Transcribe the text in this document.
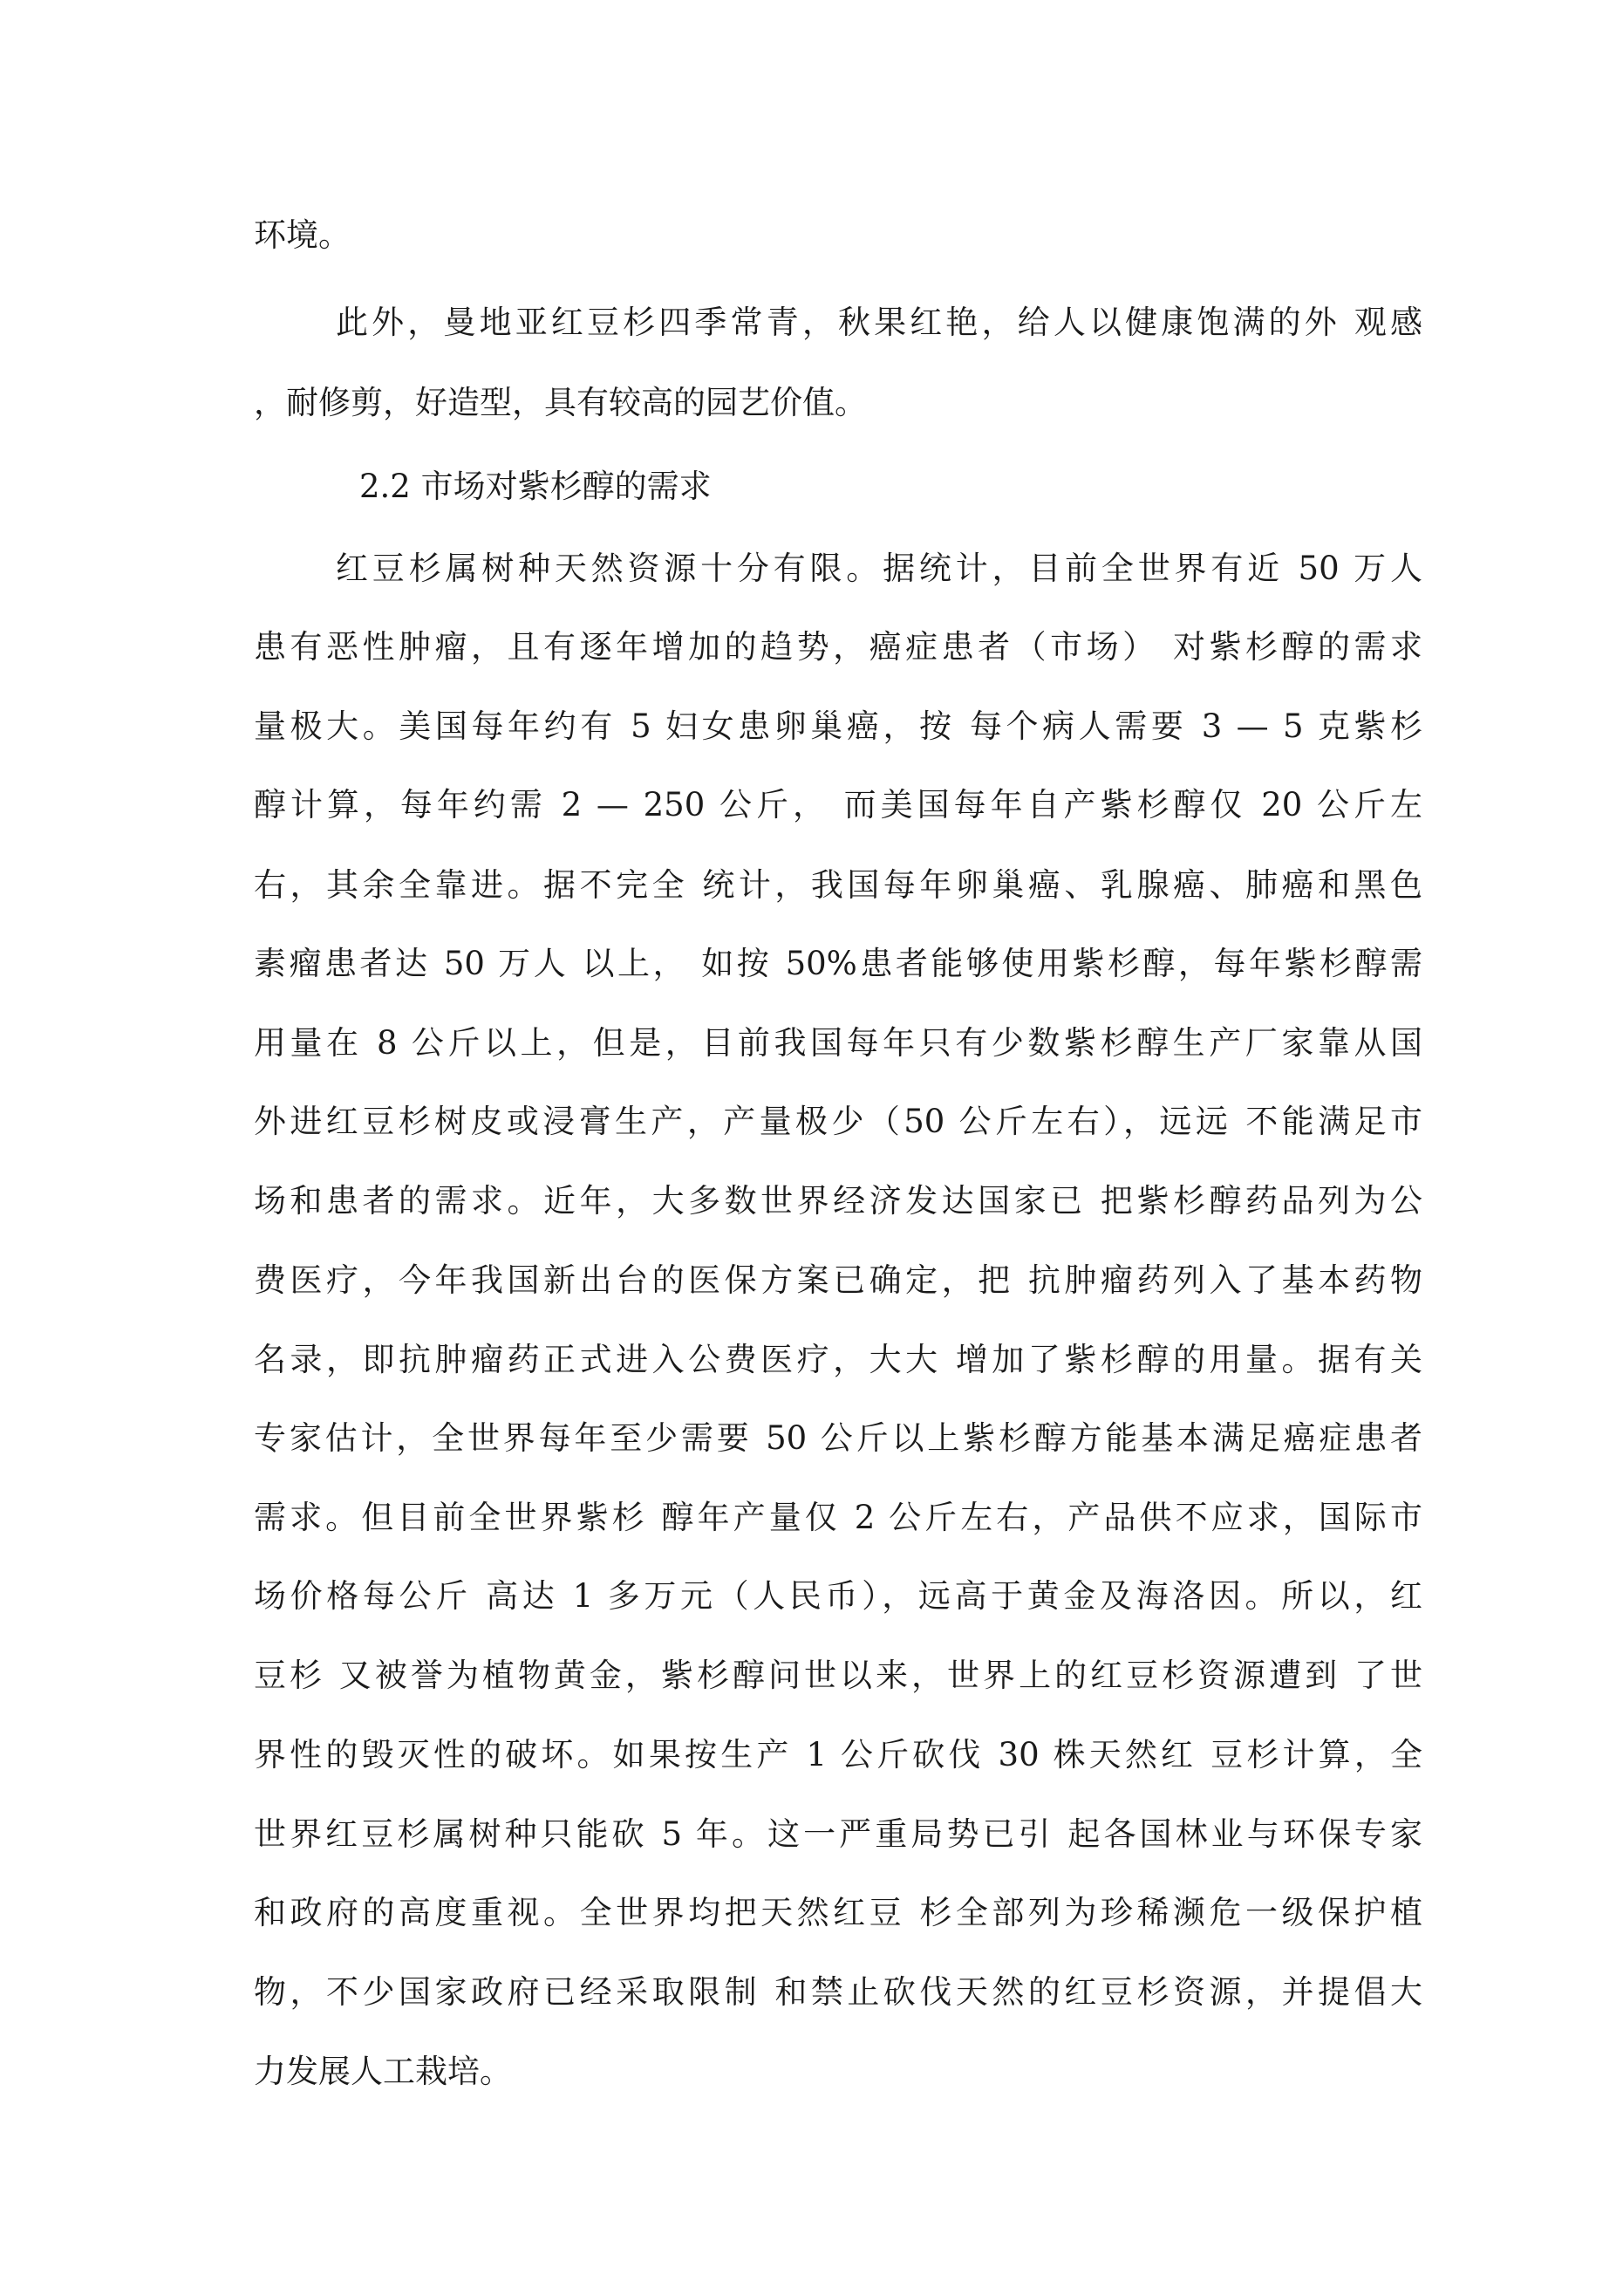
环境。
此外，曼地亚红豆杉四季常青，秋果红艳，给人以健康饱满的外 观感
，耐修剪，好造型，具有较高的园艺价值。
2.2 市场对紫杉醇的需求
红豆杉属树种天然资源十分有限。据统计，目前全世界有近 50 万人
患有恶性肿瘤，且有逐年增加的趋势，癌症患者（市场） 对紫杉醇的需求
量极大。美国每年约有 5 妇女患卵巢癌，按 每个病人需要 3 — 5 克紫杉
醇计算，每年约需 2 — 250 公斤， 而美国每年自产紫杉醇仅 20 公斤左
右，其余全靠进。据不完全 统计，我国每年卵巢癌、乳腺癌、肺癌和黑色
素瘤患者达 50 万人 以上， 如按 50%患者能够使用紫杉醇，每年紫杉醇需
用量在 8 公斤以上，但是，目前我国每年只有少数紫杉醇生产厂家靠从国
外进红豆杉树皮或浸膏生产，产量极少（50 公斤左右），远远 不能满足市
场和患者的需求。近年，大多数世界经济发达国家已 把紫杉醇药品列为公
费医疗，今年我国新出台的医保方案已确定，把 抗肿瘤药列入了基本药物
名录，即抗肿瘤药正式进入公费医疗，大大 增加了紫杉醇的用量。据有关
专家估计，全世界每年至少需要 50 公斤以上紫杉醇方能基本满足癌症患者
需求。但目前全世界紫杉 醇年产量仅 2 公斤左右，产品供不应求，国际市
场价格每公斤 高达 1 多万元（人民币），远高于黄金及海洛因。所以，红
豆杉 又被誉为植物黄金，紫杉醇问世以来，世界上的红豆杉资源遭到 了世
界性的毁灭性的破坏。如果按生产 1 公斤砍伐 30 株天然红 豆杉计算，全
世界红豆杉属树种只能砍 5 年。这一严重局势已引 起各国林业与环保专家
和政府的高度重视。全世界均把天然红豆 杉全部列为珍稀濒危一级保护植
物，不少国家政府已经采取限制 和禁止砍伐天然的红豆杉资源，并提倡大
力发展人工栽培。
